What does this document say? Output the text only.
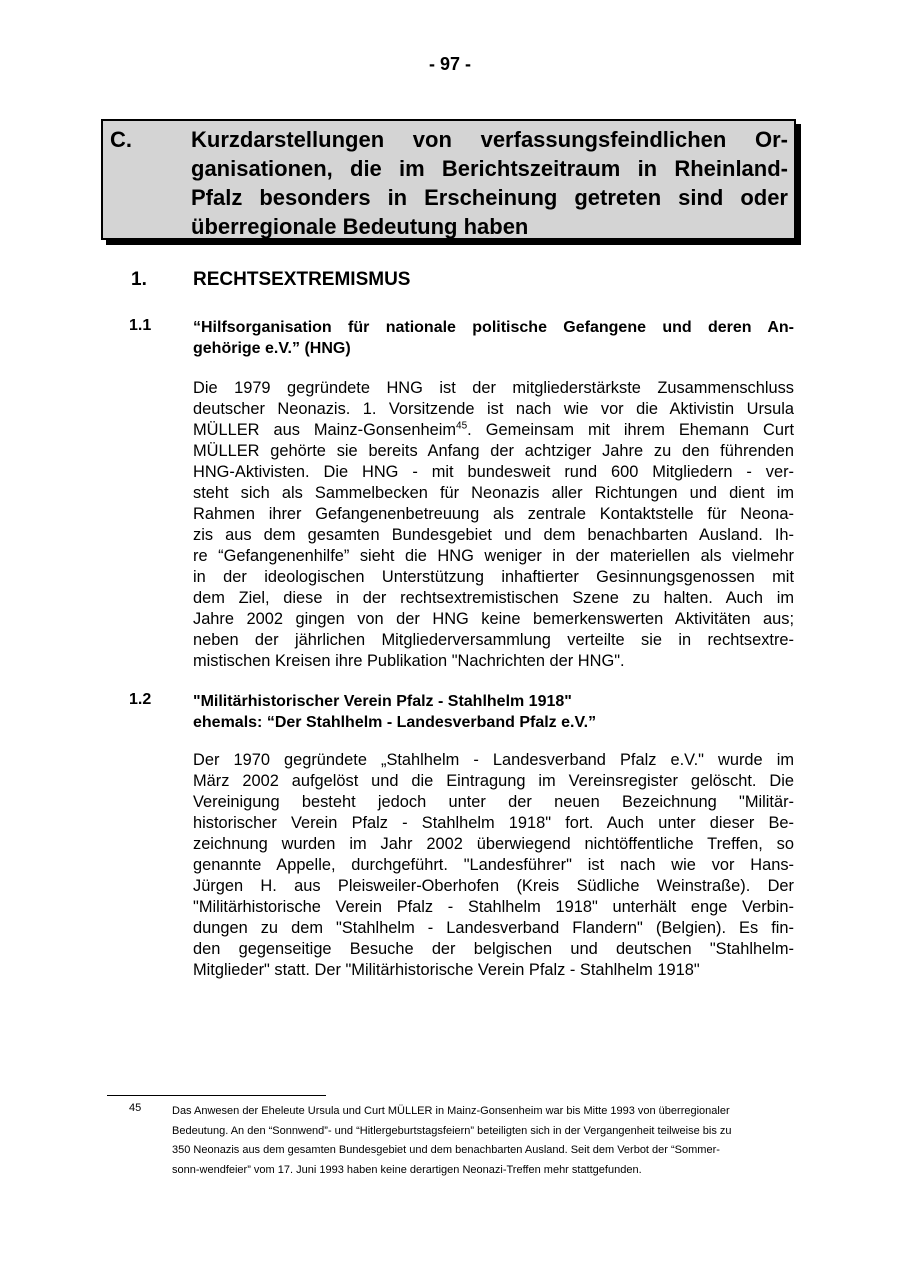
- 97 -
C.	Kurzdarstellungen von verfassungsfeindlichen Or-
ganisationen, die im Berichtszeitraum in Rheinland-
Pfalz besonders in Erscheinung getreten sind oder
überregionale Bedeutung haben
1. RECHTSEXTREMISMUS
1.1	“Hilfsorganisation für nationale politische Gefangene und deren An-
gehörige e.V.” (HNG)
Die 1979 gegründete HNG ist der mitgliederstärkste Zusammenschluss
deutscher Neonazis. 1. Vorsitzende ist nach wie vor die Aktivistin Ursula
MÜLLER aus Mainz-Gonsenheim$^{45}$. Gemeinsam mit ihrem Ehemann Curt
MÜLLER gehörte sie bereits Anfang der achtziger Jahre zu den führenden
HNG-Aktivisten. Die HNG - mit bundesweit rund 600 Mitgliedern - ver-
steht sich als Sammelbecken für Neonazis aller Richtungen und dient im
Rahmen ihrer Gefangenenbetreuung als zentrale Kontaktstelle für Neona-
zis aus dem gesamten Bundesgebiet und dem benachbarten Ausland. Ih-
re “Gefangenenhilfe” sieht die HNG weniger in der materiellen als vielmehr
in der ideologischen Unterstützung inhaftierter Gesinnungsgenossen mit
dem Ziel, diese in der rechtsextremistischen Szene zu halten. Auch im
Jahre 2002 gingen von der HNG keine bemerkenswerten Aktivitäten aus;
neben der jährlichen Mitgliederversammlung verteilte sie in rechtsextre-
mistischen Kreisen ihre Publikation "Nachrichten der HNG".
1.2	"Militärhistorischer Verein Pfalz - Stahlhelm 1918"
ehemals: “Der Stahlhelm - Landesverband Pfalz e.V.”
Der 1970 gegründete „Stahlhelm - Landesverband Pfalz e.V." wurde im
März 2002 aufgelöst und die Eintragung im Vereinsregister gelöscht. Die
Vereinigung besteht jedoch unter der neuen Bezeichnung "Militär-
historischer Verein Pfalz - Stahlhelm 1918" fort. Auch unter dieser Be-
zeichnung wurden im Jahr 2002 überwiegend nichtöffentliche Treffen, so
genannte Appelle, durchgeführt. "Landesführer" ist nach wie vor Hans-
Jürgen H. aus Pleisweiler-Oberhofen (Kreis Südliche Weinstraße). Der
"Militärhistorische Verein Pfalz - Stahlhelm 1918" unterhält enge Verbin-
dungen zu dem "Stahlhelm - Landesverband Flandern" (Belgien). Es fin-
den gegenseitige Besuche der belgischen und deutschen "Stahlhelm-
Mitglieder" statt. Der "Militärhistorische Verein Pfalz - Stahlhelm 1918"
45	Das Anwesen der Eheleute Ursula und Curt MÜLLER in Mainz-Gonsenheim war bis Mitte 1993 von überregionaler
Bedeutung. An den “Sonnwend”- und “Hitlergeburtstagsfeiern” beteiligten sich in der Vergangenheit teilweise bis zu
350 Neonazis aus dem gesamten Bundesgebiet und dem benachbarten Ausland. Seit dem Verbot der “Sommer-
sonn-wendfeier” vom 17. Juni 1993 haben keine derartigen Neonazi-Treffen mehr stattgefunden.
